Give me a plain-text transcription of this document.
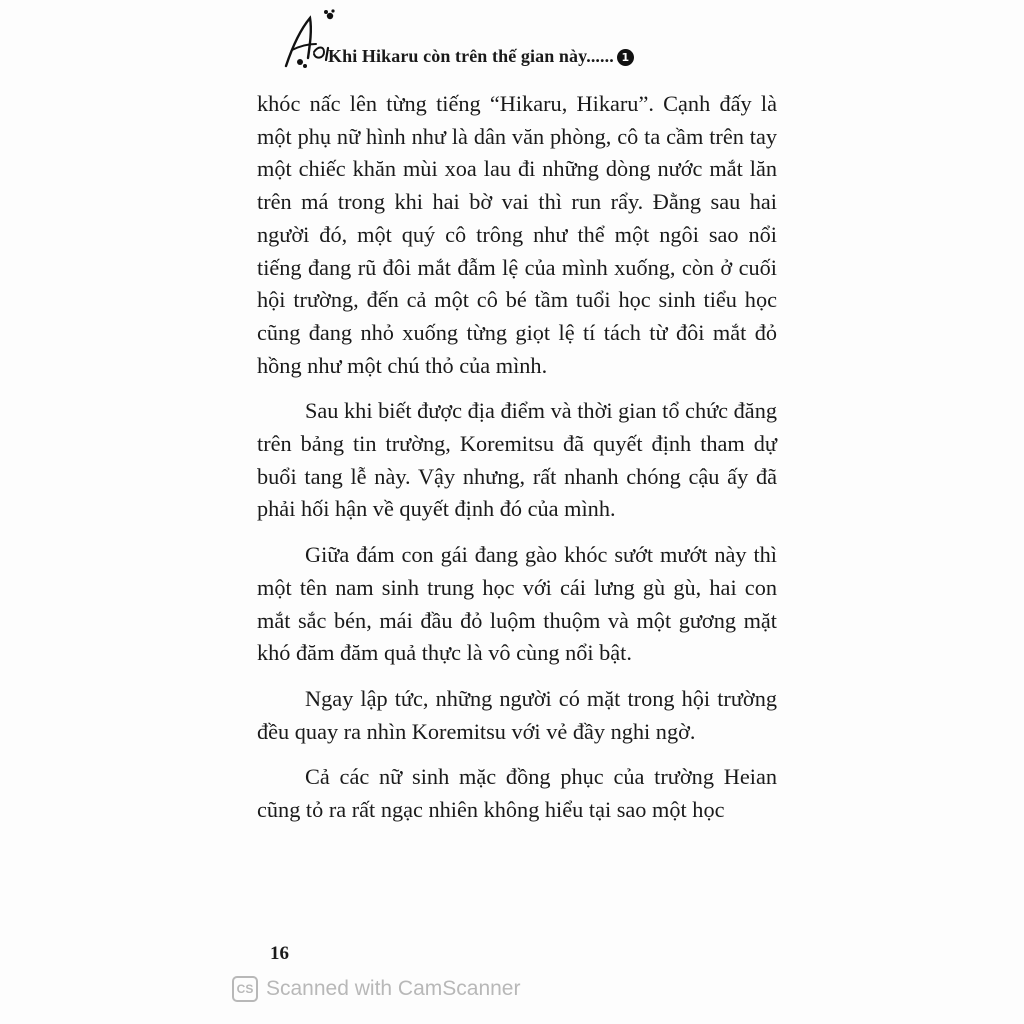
Khi Hikaru còn trên thế gian này...... 1

khóc nấc lên từng tiếng “Hikaru, Hikaru”. Cạnh đấy là một phụ nữ hình như là dân văn phòng, cô ta cầm trên tay một chiếc khăn mùi xoa lau đi những dòng nước mắt lăn trên má trong khi hai bờ vai thì run rẩy. Đằng sau hai người đó, một quý cô trông như thể một ngôi sao nổi tiếng đang rũ đôi mắt đẫm lệ của mình xuống, còn ở cuối hội trường, đến cả một cô bé tầm tuổi học sinh tiểu học cũng đang nhỏ xuống từng giọt lệ tí tách từ đôi mắt đỏ hồng như một chú thỏ của mình.

Sau khi biết được địa điểm và thời gian tổ chức đăng trên bảng tin trường, Koremitsu đã quyết định tham dự buổi tang lễ này. Vậy nhưng, rất nhanh chóng cậu ấy đã phải hối hận về quyết định đó của mình.

Giữa đám con gái đang gào khóc sướt mướt này thì một tên nam sinh trung học với cái lưng gù gù, hai con mắt sắc bén, mái đầu đỏ luộm thuộm và một gương mặt khó đăm đăm quả thực là vô cùng nổi bật.

Ngay lập tức, những người có mặt trong hội trường đều quay ra nhìn Koremitsu với vẻ đầy nghi ngờ.

Cả các nữ sinh mặc đồng phục của trường Heian cũng tỏ ra rất ngạc nhiên không hiểu tại sao một học

16
CS Scanned with CamScanner
